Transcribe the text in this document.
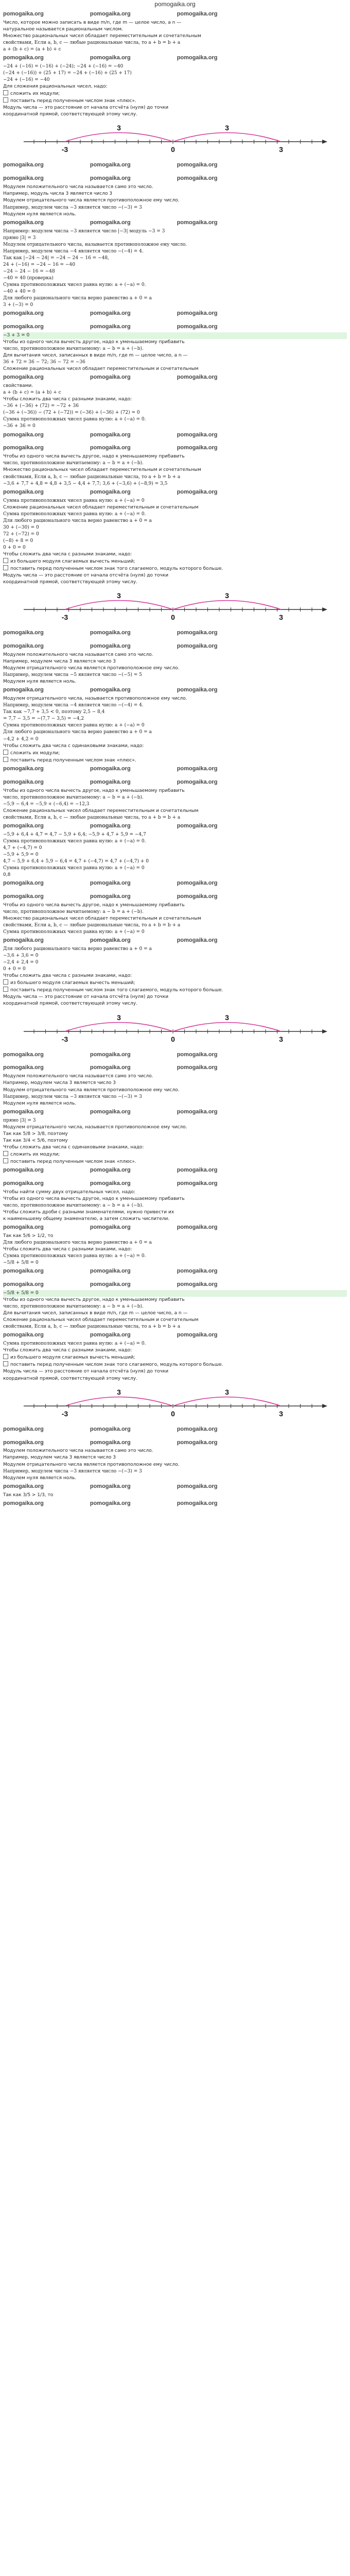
pomogaika.org
pomogaika.org	pomogaika.org	pomogaika.org
Число, которое можно записать в виде m/n, где m — целое число, а n —
натуральное называется рациональным числом.
Множество рациональных чисел обладает переместительным и сочетательным
свойствами, Если a, b, c — любые рациональные числа, то a + b = b + a
a + (b + c) = (a + b) + c
pomogaika.org	pomogaika.org	pomogaika.org
−24 + (−16) = (−16) + (−24); −24 + (−16) = −40
(−24 + (−16)) + (25 + 17) = −24 + (−16) + (25 + 17)
−24 + (−16) = −40
Для сложения рациональных чисел, надо:
сложить их модули;
поставить перед полученным числом знак «плюс».
Модуль числа — это расстояние от начала отсчёта (нуля) до точки
координатной прямой, соответствующей этому числу.
-3	0	3
3
3
pomogaika.org	pomogaika.org	pomogaika.org
pomogaika.org	pomogaika.org	pomogaika.org
Модулем положительного числа называется само это число.
Например, модуль числа 3 является число 3
Модулем отрицательного числа является противоположное ему число.
Например, модулем числа −3 является число −(−3) = 3
Модулем нуля является ноль.
pomogaika.org	pomogaika.org	pomogaika.org
Например: модулем числа −3 является число |−3| модуль −3 = 3
прямо |3| = 3
Модулем отрицательного числа, называется противоположное ему число.
Например, модулем числа −4 является число −(−4) = 4.
Так как |−24 − 24| = −24 − 24 − 16 = −48,
24 + (−16) = −24 − 16 = −40
−24 − 24 − 16 = −48
−40 = 40 (проверка)
Сумма противоположных чисел равна нулю: a + (−a) = 0.
−40 + 40 = 0
Для любого рационального числа верно равенство a + 0 = a
3 + (−3) = 0
pomogaika.org	pomogaika.org	pomogaika.org
pomogaika.org	pomogaika.org	pomogaika.org
−3 + 3 = 0
Чтобы из одного числа вычесть другое, надо к уменьшаемому прибавить
число, противоположное вычитаемому: a − b = a + (−b).
Для вычитания чисел, записанных в виде m/n, где m — целое число, а n —
36 + 72 = 36 − 72; 36 − 72 = −36
Сложение рациональных чисел обладает переместительным и сочетательным
pomogaika.org	pomogaika.org	pomogaika.org
свойствами.
a + (b + c) = (a + b) + c
Чтобы сложить два числа с разными знаками, надо:
−36 + (−36) + (72) = −72 + 36
(−36 + (−36)) − (72 + (−72)) = (−36) + (−36) + (72) = 0
Сумма противоположных чисел равна нулю: a + (−a) = 0.
−36 + 36 = 0
pomogaika.org	pomogaika.org	pomogaika.org
pomogaika.org	pomogaika.org	pomogaika.org
Чтобы из одного числа вычесть другое, надо к уменьшаемому прибавить
число, противоположное вычитаемому: a − b = a + (−b).
Множество рациональных чисел обладает переместительным и сочетательным
свойствами, Если a, b, c — любые рациональные числа, то a + b = b + a
−3,6 + 7,7 + 4,8 = 4,8 + 3,5 − 4,4 + 7,7; 3,6 + (−3,6) + (−8,9) = 3,5
pomogaika.org	pomogaika.org	pomogaika.org
Сумма противоположных чисел равна нулю: a + (−a) = 0
Сложение рациональных чисел обладает переместительным и сочетательным
Сумма противоположных чисел равна нулю: a + (−a) = 0.
Для любого рационального числа верно равенство a + 0 = a
30 + (−30) = 0
72 + (−72) = 0
(−8) + 8 = 0
0 + 0 = 0
Чтобы сложить два числа с разными знаками, надо:
из большего модуля слагаемых вычесть меньший;
поставить перед полученным числом знак того слагаемого, модуль которого больше.
Модуль числа — это расстояние от начала отсчёта (нуля) до точки
координатной прямой, соответствующей этому числу.
-3	0	3
3
3
pomogaika.org	pomogaika.org	pomogaika.org
pomogaika.org	pomogaika.org	pomogaika.org
Модулем положительного числа называется само это число.
Например, модулем числа 3 является число 3
Модулем отрицательного числа является противоположное ему число.
Например, модулем числа −5 является число −(−5) = 5
Модулем нуля является ноль.
pomogaika.org	pomogaika.org	pomogaika.org
Модулем отрицательного числа, называется противоположное ему число.
Например, модулем числа −4 является число −(−4) = 4.
Так как −7,7 + 3,5 < 0, поэтому 2,5 − 8,4
= 7,7 − 3,5 = −(7,7 − 3,5) = −4,2
Сумма противоположных чисел равна нулю: a + (−a) = 0
Для любого рационального числа верно равенство a + 0 = a
−4,2 + 4,2 = 0
Чтобы сложить два числа с одинаковыми знаками, надо:
сложить их модули;
поставить перед полученным числом знак «плюс».
pomogaika.org	pomogaika.org	pomogaika.org
pomogaika.org	pomogaika.org	pomogaika.org
Чтобы из одного числа вычесть другое, надо к уменьшаемому прибавить
число, противоположное вычитаемому: a − b = a + (−b).
−5,9 − 6,4 = −5,9 + (−6,4) = −12,3
Сложение рациональных чисел обладает переместительным и сочетательным
свойствами, Если a, b, c — любые рациональные числа, то a + b = b + a
pomogaika.org	pomogaika.org	pomogaika.org
−5,9 + 6,4 + 4,7 = 4,7 − 5,9 + 6,4; −5,9 + 4,7 + 5,9 = −4,7
Сумма противоположных чисел равна нулю: a + (−a) = 0.
4,7 + (−4,7) = 0
−5,9 + 5,9 = 0
4,7 − 5,9 + 6,4 + 5,9 − 6,4 = 4,7 + (−4,7) = 4,7 + (−4,7) + 0
Сумма противоположных чисел равна нулю: a + (−a) = 0
0,8
pomogaika.org	pomogaika.org	pomogaika.org
pomogaika.org	pomogaika.org	pomogaika.org
Чтобы из одного числа вычесть другое, надо к уменьшаемому прибавить
число, противоположное вычитаемому: a − b = a + (−b).
Множество рациональных чисел обладает переместительным и сочетательным
свойствами, Если a, b, c — любые рациональные числа, то a + b = b + a
Сумма противоположных чисел равна нулю: a + (−a) = 0
pomogaika.org	pomogaika.org	pomogaika.org
Для любого рационального числа верно равенство a + 0 = a
−3,6 + 3,6 = 0
−2,4 + 2,4 = 0
0 + 0 = 0
Чтобы сложить два числа с разными знаками, надо:
из большего модуля слагаемых вычесть меньший;
поставить перед полученным числом знак того слагаемого, модуль которого больше.
Модуль числа — это расстояние от начала отсчёта (нуля) до точки
координатной прямой, соответствующей этому числу.
-3	0	3
3
3
pomogaika.org	pomogaika.org	pomogaika.org
pomogaika.org	pomogaika.org	pomogaika.org
Модулем положительного числа называется само это число.
Например, модулем числа 3 является число 3
Модулем отрицательного числа является противоположное ему число.
Например, модулем числа −3 является число −(−3) = 3
Модулем нуля является ноль.
pomogaika.org	pomogaika.org	pomogaika.org
прямо |3| = 3
Модулем отрицательного числа, называется противоположное ему число.
Так как 5/8 > 3/8, поэтому
Так как 3/4 < 5/6, поэтому
Чтобы сложить два числа с одинаковыми знаками, надо:
сложить их модули;
поставить перед полученным числом знак «плюс».
pomogaika.org	pomogaika.org	pomogaika.org
pomogaika.org	pomogaika.org	pomogaika.org
Чтобы найти сумму двух отрицательных чисел, надо:
Чтобы из одного числа вычесть другое, надо к уменьшаемому прибавить
число, противоположное вычитаемому: a − b = a + (−b).
Чтобы сложить дроби с разными знаменателями, нужно привести их
к наименьшему общему знаменателю, а затем сложить числители.
pomogaika.org	pomogaika.org	pomogaika.org
Так как 5/6 > 1/2, то
Для любого рационального числа верно равенство a + 0 = a
Чтобы сложить два числа с разными знаками, надо:
Сумма противоположных чисел равна нулю: a + (−a) = 0.
−5/8 + 5/8 = 0
pomogaika.org	pomogaika.org	pomogaika.org
pomogaika.org	pomogaika.org	pomogaika.org
−5/8 + 5/8 = 0
Чтобы из одного числа вычесть другое, надо к уменьшаемому прибавить
число, противоположное вычитаемому: a − b = a + (−b).
Для вычитания чисел, записанных в виде m/n, где m — целое число, а n —
Сложение рациональных чисел обладает переместительным и сочетательным
свойствами, Если a, b, c — любые рациональные числа, то a + b = b + a
pomogaika.org	pomogaika.org	pomogaika.org
Сумма противоположных чисел равна нулю: a + (−a) = 0.
Чтобы сложить два числа с разными знаками, надо:
из большего модуля слагаемых вычесть меньший;
поставить перед полученным числом знак того слагаемого, модуль которого больше.
Модуль числа — это расстояние от начала отсчёта (нуля) до точки
координатной прямой, соответствующей этому числу.
-3	0	3
3
3
pomogaika.org	pomogaika.org	pomogaika.org
pomogaika.org	pomogaika.org	pomogaika.org
Модулем положительного числа называется само это число.
Например, модулем числа 3 является число 3
Модулем отрицательного числа является противоположное ему число.
Например, модулем числа −3 является число −(−3) = 3
Модулем нуля является ноль.
pomogaika.org	pomogaika.org	pomogaika.org
Так как 3/5 > 1/3, то
pomogaika.org	pomogaika.org	pomogaika.org
